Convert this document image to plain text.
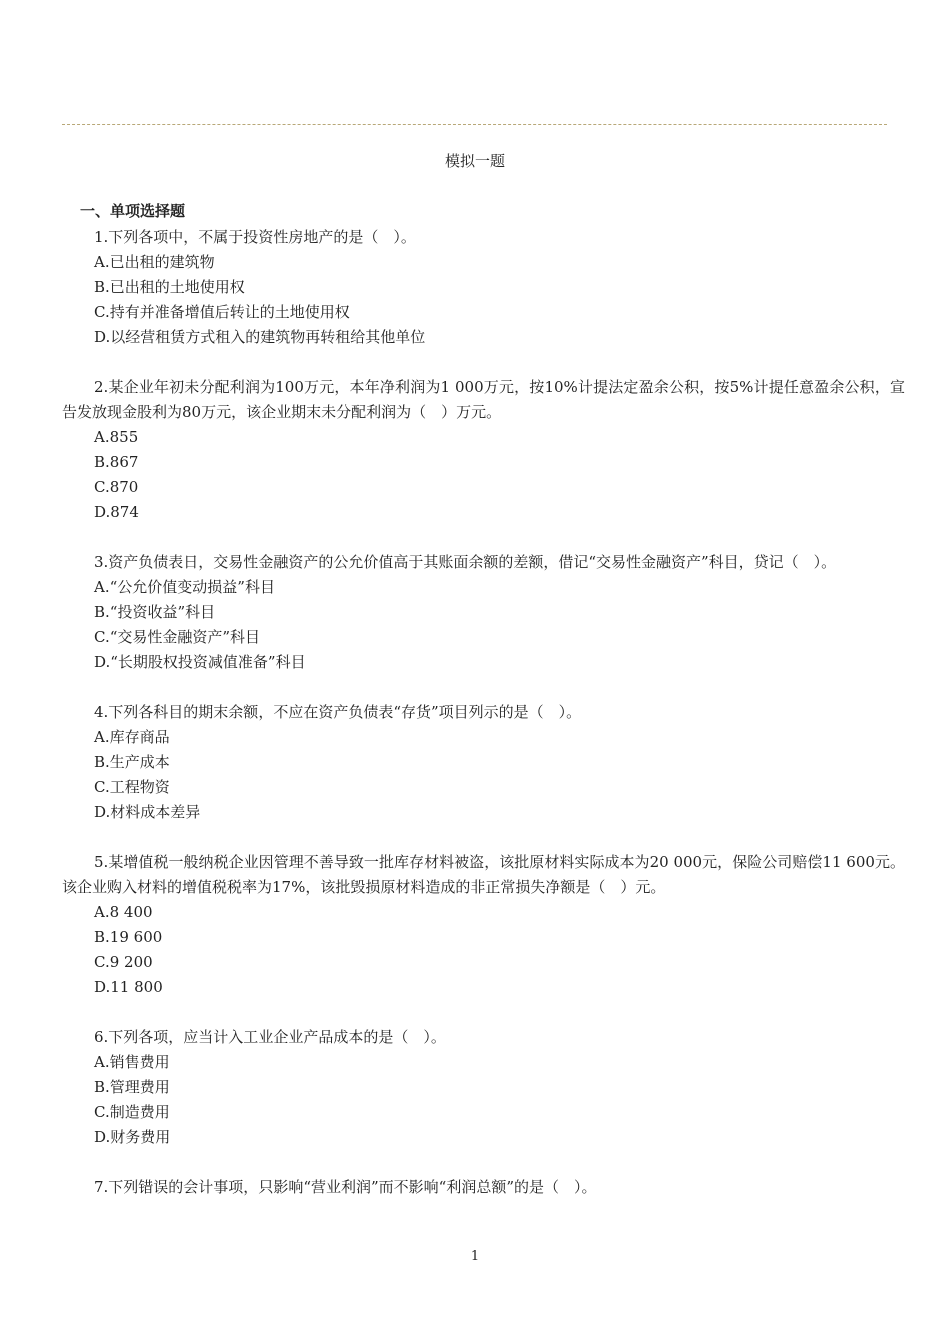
模拟一题
一、单项选择题

1.下列各项中，不属于投资性房地产的是（　）。

A.已出租的建筑物

B.已出租的土地使用权

C.持有并准备增值后转让的土地使用权

D.以经营租赁方式租入的建筑物再转租给其他单位

2.某企业年初未分配利润为100万元，本年净利润为1 000万元，按10%计提法定盈余公积，按5%计提任意盈余公积，宣告发放现金股利为80万元，该企业期末未分配利润为（　）万元。

A.855

B.867

C.870

D.874

3.资产负债表日，交易性金融资产的公允价值高于其账面余额的差额，借记“交易性金融资产”科目，贷记（　）。

A.“公允价值变动损益”科目

B.“投资收益”科目

C.“交易性金融资产”科目

D.“长期股权投资减值准备”科目

4.下列各科目的期末余额，不应在资产负债表“存货”项目列示的是（　）。

A.库存商品

B.生产成本

C.工程物资

D.材料成本差异

5.某增值税一般纳税企业因管理不善导致一批库存材料被盗，该批原材料实际成本为20 000元，保险公司赔偿11 600元。该企业购入材料的增值税税率为17%，该批毁损原材料造成的非正常损失净额是（　）元。

A.8 400

B.19 600

C.9 200

D.11 800

6.下列各项，应当计入工业企业产品成本的是（　）。

A.销售费用

B.管理费用

C.制造费用

D.财务费用

7.下列错误的会计事项，只影响“营业利润”而不影响“利润总额”的是（　）。

1
